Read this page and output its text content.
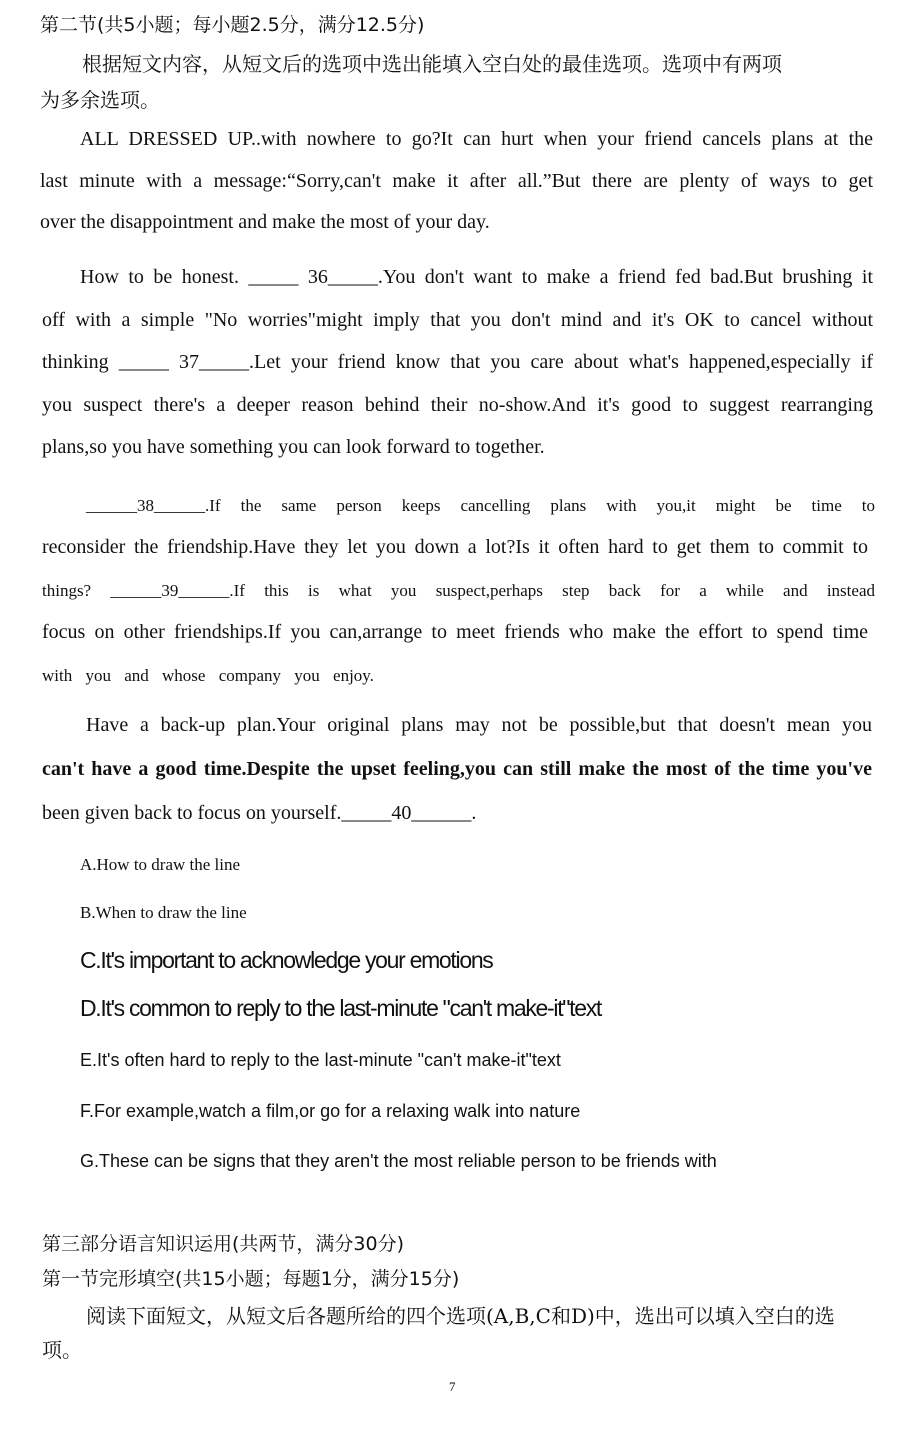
第二节(共5小题；每小题2.5分，满分12.5分)
根据短文内容，从短文后的选项中选出能填入空白处的最佳选项。选项中有两项
为多余选项。
ALL DRESSED UP..with nowhere to go?It can hurt when your friend cancels plans at the
last minute with a message:“Sorry,can't make it after all.”But there are plenty of ways to get
over the disappointment and make the most of your day.
How to be honest. _____ 36_____.You don't want to make a friend fed bad.But brushing it
off with a simple "No worries"might imply that you don't mind and it's OK to cancel without
thinking _____ 37_____.Let your friend know that you care about what's happened,especially if
you suspect there's a deeper reason behind their no-show.And it's good to suggest rearranging
plans,so you have something you can look forward to together.
______38______.If the same person keeps cancelling plans with you,it might be time to
reconsider the friendship.Have they let you down a lot?Is it often hard to get them to commit to
things? ______39______.If this is what you suspect,perhaps step back for a while and instead
focus on other friendships.If you can,arrange to meet friends who make the effort to spend time
with you and whose company you enjoy.
Have a back-up plan.Your original plans may not be possible,but that doesn't mean you
can't have a good time.Despite the upset feeling,you can still make the most of the time you've
been given back to focus on yourself._____40______.
A.How to draw the line
B.When to draw the line
C.It's important to acknowledge your emotions
D.It's common to reply to the last-minute "can't make-it"text
E.It's often hard to reply to the last-minute "can't make-it"text
F.For example,watch a film,or go for a relaxing walk into nature
G.These can be signs that they aren't the most reliable person to be friends with
第三部分语言知识运用(共两节，满分30分)
第一节完形填空(共15小题；每题1分，满分15分)
阅读下面短文，从短文后各题所给的四个选项(A,B,C和D)中，选出可以填入空白的选
项。
7
